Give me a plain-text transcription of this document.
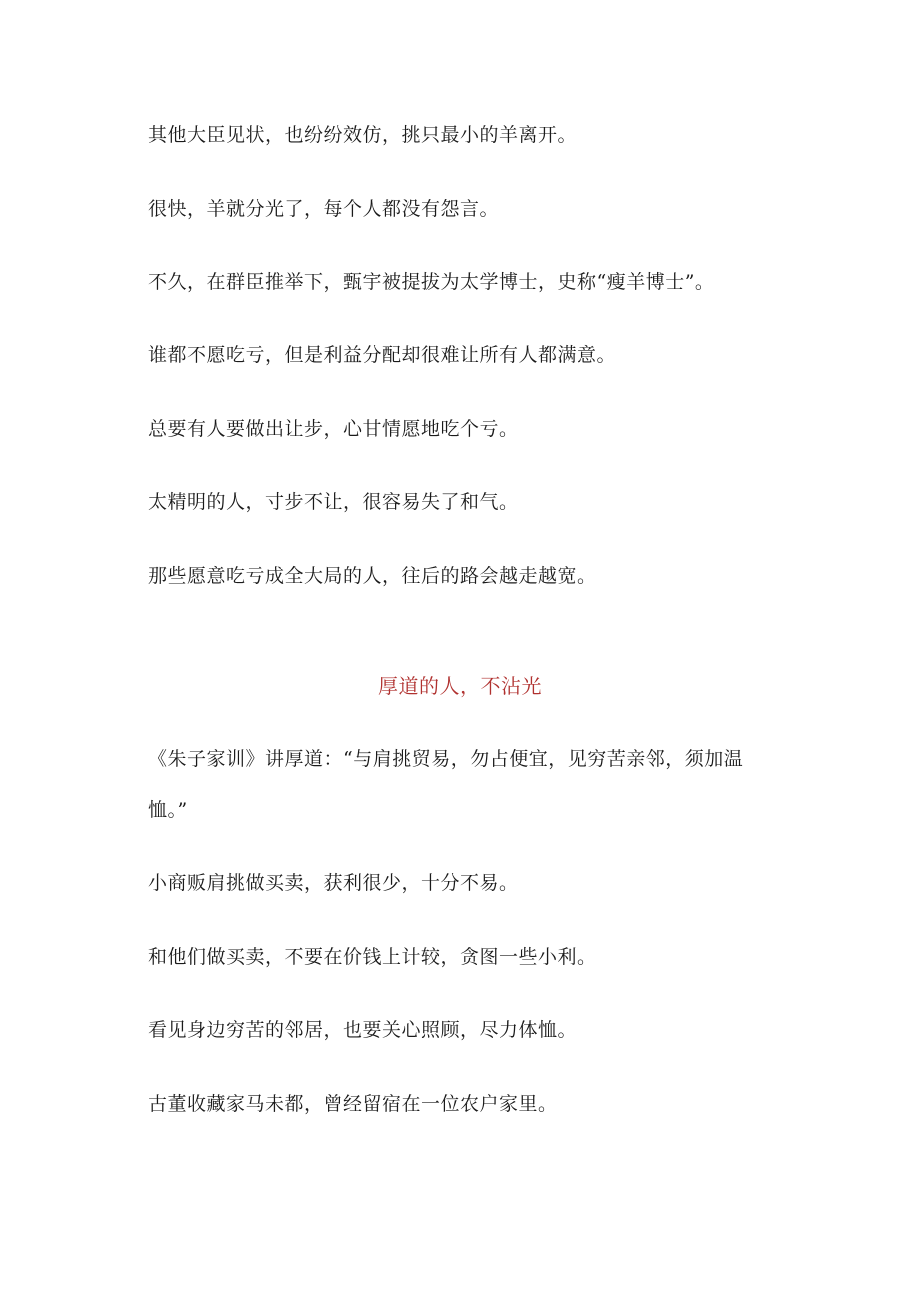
其他大臣见状，也纷纷效仿，挑只最小的羊离开。
很快，羊就分光了，每个人都没有怨言。
不久，在群臣推举下，甄宇被提拔为太学博士，史称“瘦羊博士”。
谁都不愿吃亏，但是利益分配却很难让所有人都满意。
总要有人要做出让步，心甘情愿地吃个亏。
太精明的人，寸步不让，很容易失了和气。
那些愿意吃亏成全大局的人，往后的路会越走越宽。
厚道的人，不沾光
《朱子家训》讲厚道：“与肩挑贸易，勿占便宜，见穷苦亲邻，须加温
恤。”
小商贩肩挑做买卖，获利很少，十分不易。
和他们做买卖，不要在价钱上计较，贪图一些小利。
看见身边穷苦的邻居，也要关心照顾，尽力体恤。
古董收藏家马未都，曾经留宿在一位农户家里。
